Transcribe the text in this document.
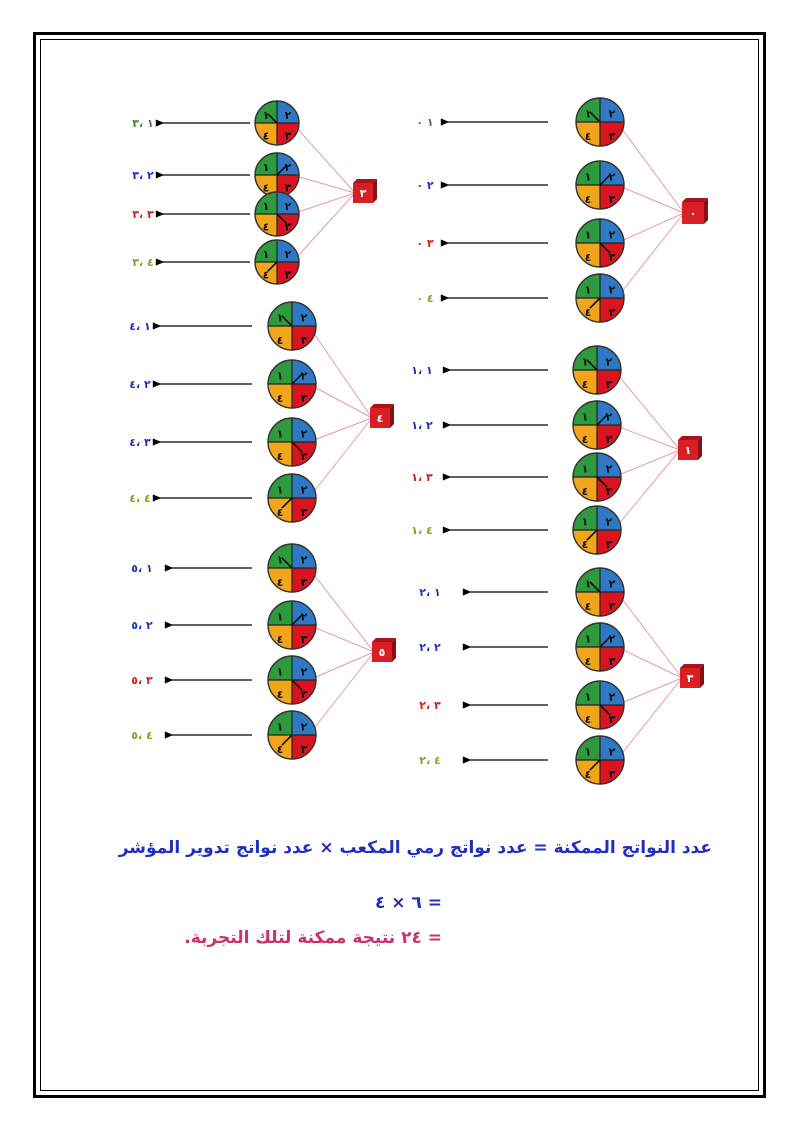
٠
٢
١
٤ ٣
١ ٠
٢
١
٤ ٣
٢ ٠
٢
١
٤ ٣
٣ ٠
٢
١
٤ ٣
٤ ٠
١
٢
١
٤ ٣
١ ،١
٢
١
٤ ٣
٢ ،١
٢
١
٤ ٣
٣ ،١
٢
١
٤ ٣
٤ ،١
٣
٢
١
٤ ٣
١ ،٢
٢
١
٤ ٣
٢ ،٢
٢
١
٤ ٣
٣ ،٢
٢
١
٤ ٣
٤ ،٢
٣
٢
١
٤ ٣
١ ،٣
٢
١
٤ ٣
٢ ،٣
٢
١
٤ ٣
٣ ،٣
٢
١
٤ ٣
٤ ،٣
٤
٢
١
٤ ٣
١ ،٤
٢
١
٤ ٣
٢ ،٤
٢
١
٤ ٣
٣ ،٤
٢
١
٤ ٣
٤ ،٤
٥
٢
١
٤ ٣
١ ،٥
٢
١
٤ ٣
٢ ،٥
٢
١
٤ ٣
٣ ،٥
٢
١
٤ ٣
٤ ،٥
عدد النواتج الممكنة = عدد نواتج رمي المكعب × عدد نواتج تدوير المؤشر
= ٦ × ٤
= ٢٤ نتيجة ممكنة لتلك التجربة.
